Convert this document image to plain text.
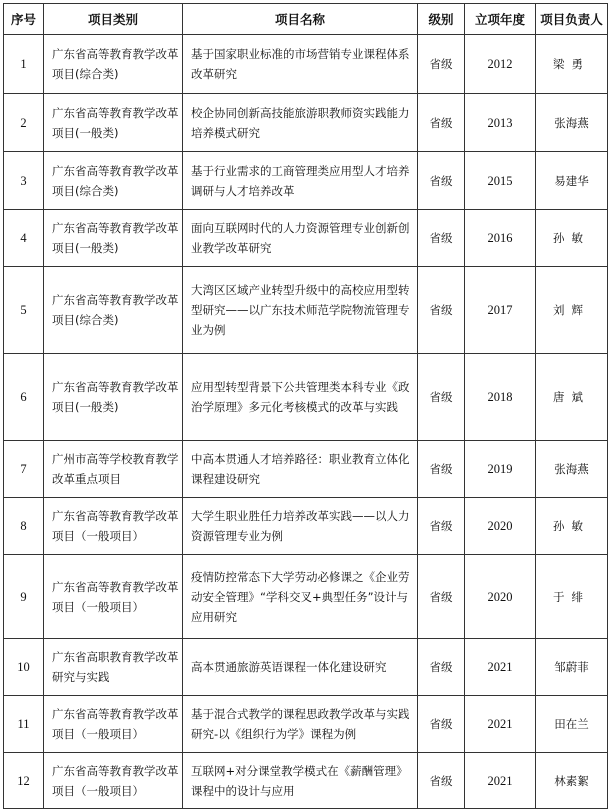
序号	项目类别	项目名称	级别	立项年度	项目负责人
1	广东省高等教育教学改革项目(综合类)	基于国家职业标准的市场营销专业课程体系改革研究	省级	2012	梁勇
2	广东省高等教育教学改革项目(一般类)	校企协同创新高技能旅游职教师资实践能力培养模式研究	省级	2013	张海燕
3	广东省高等教育教学改革项目(综合类)	基于行业需求的工商管理类应用型人才培养调研与人才培养改革	省级	2015	易建华
4	广东省高等教育教学改革项目(一般类)	面向互联网时代的人力资源管理专业创新创业教学改革研究	省级	2016	孙敏
5	广东省高等教育教学改革项目(综合类)	大湾区区域产业转型升级中的高校应用型转型研究——以广东技术师范学院物流管理专业为例	省级	2017	刘辉
6	广东省高等教育教学改革项目(一般类)	应用型转型背景下公共管理类本科专业《政治学原理》多元化考核模式的改革与实践	省级	2018	唐斌
7	广州市高等学校教育教学改革重点项目	中高本贯通人才培养路径：职业教育立体化课程建设研究	省级	2019	张海燕
8	广东省高等教育教学改革项目（一般项目）	大学生职业胜任力培养改革实践——以人力资源管理专业为例	省级	2020	孙敏
9	广东省高等教育教学改革项目（一般项目）	疫情防控常态下大学劳动必修课之《企业劳动安全管理》“学科交叉+典型任务”设计与应用研究	省级	2020	于绯
10	广东省高职教育教学改革研究与实践	高本贯通旅游英语课程一体化建设研究	省级	2021	邹蔚菲
11	广东省高等教育教学改革项目（一般项目）	基于混合式教学的课程思政教学改革与实践研究-以《组织行为学》课程为例	省级	2021	田在兰
12	广东省高等教育教学改革项目（一般项目）	互联网+对分课堂教学模式在《薪酬管理》课程中的设计与应用	省级	2021	林素絮
